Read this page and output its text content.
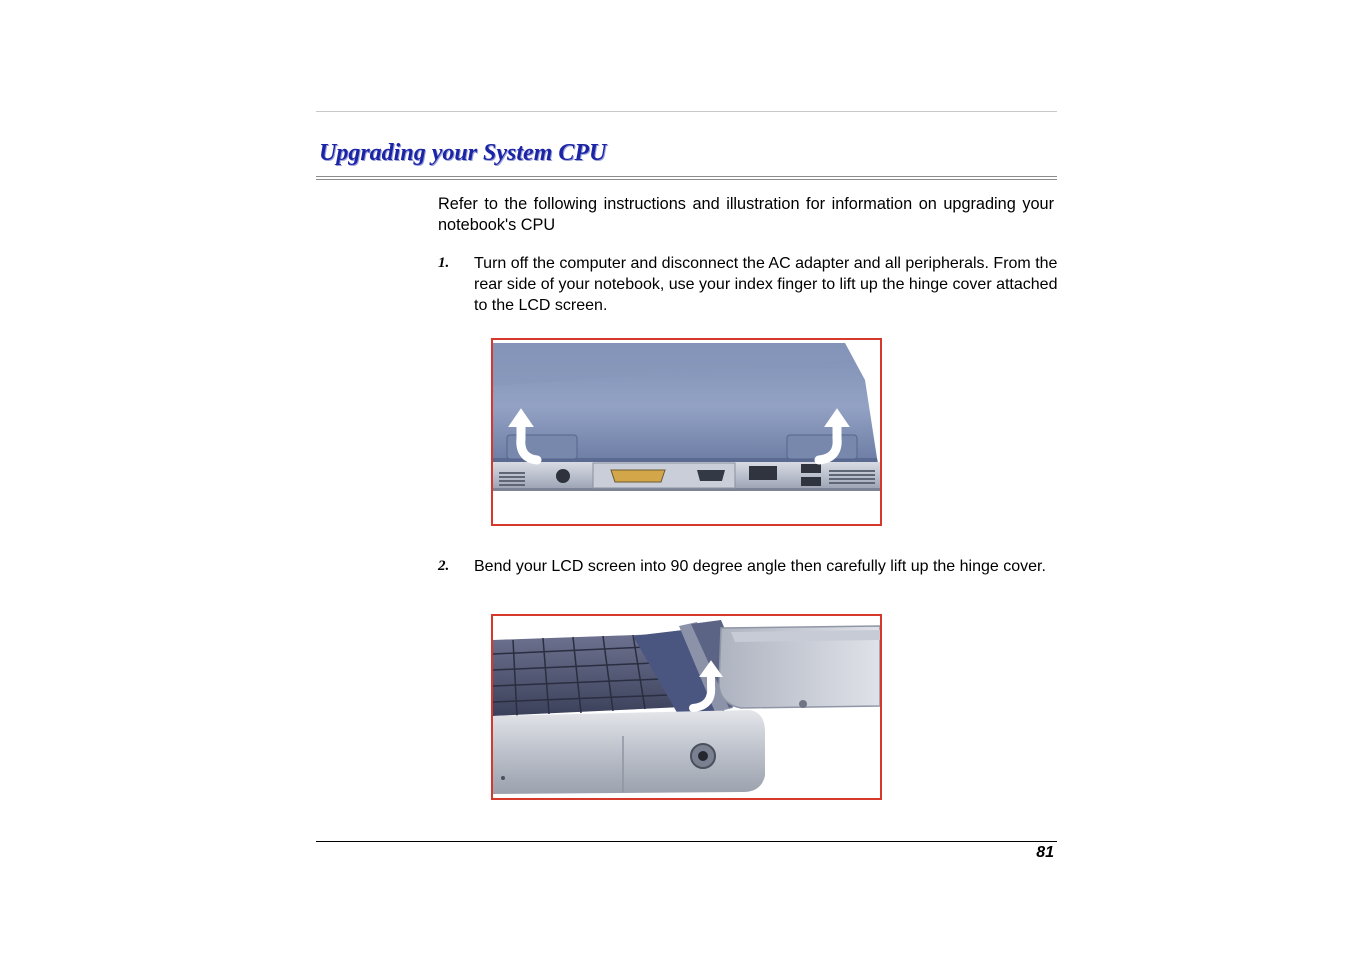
Upgrading your System CPU

Refer to the following instructions and illustration for information on upgrading your notebook's CPU

1. Turn off the computer and disconnect the AC adapter and all peripherals. From the rear side of your notebook, use your index finger to lift up the hinge cover attached to the LCD screen.

2. Bend your LCD screen into 90 degree angle then carefully lift up the hinge cover.

81
